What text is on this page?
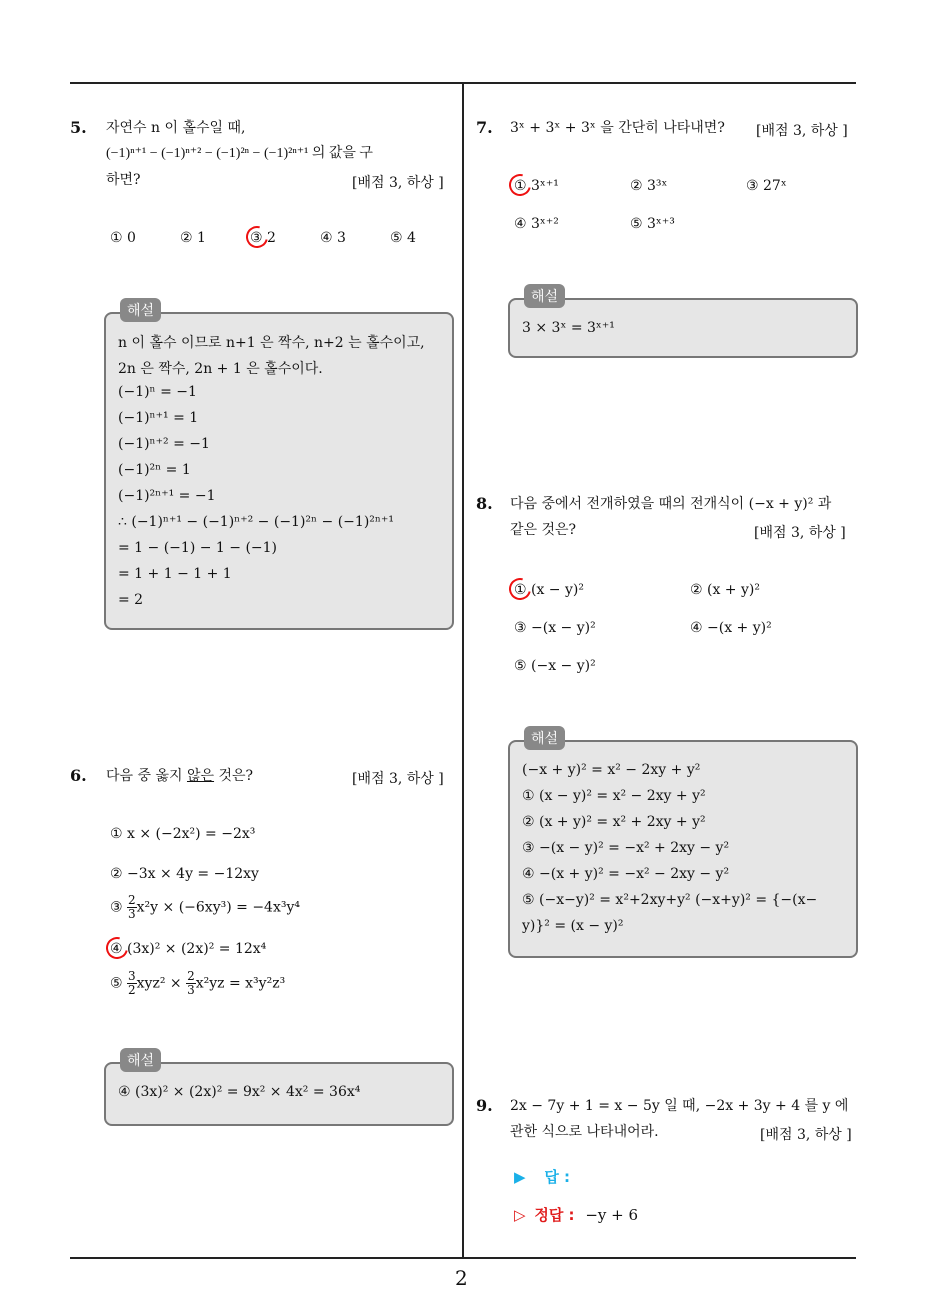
2
5. 자연수 n 이 홀수일 때,
(−1)ⁿ⁺¹ − (−1)ⁿ⁺² − (−1)²ⁿ − (−1)²ⁿ⁺¹ 의 값을 구
하면?	[배점 3, 하상 ]
① 0	② 1	③ 2	④ 3	⑤ 4
해설
n 이 홀수 이므로 n+1 은 짝수, n+2 는 홀수이고,
2n 은 짝수, 2n + 1 은 홀수이다.
(−1)ⁿ = −1
(−1)ⁿ⁺¹ = 1
(−1)ⁿ⁺² = −1
(−1)²ⁿ = 1
(−1)²ⁿ⁺¹ = −1
∴ (−1)ⁿ⁺¹ − (−1)ⁿ⁺² − (−1)²ⁿ − (−1)²ⁿ⁺¹
= 1 − (−1) − 1 − (−1)
= 1 + 1 − 1 + 1
= 2
6. 다음 중 옳지 않은 것은?	[배점 3, 하상 ]
① x × (−2x²) = −2x³
② −3x × 4y = −12xy
③ $\frac{2}{3} x^2y \times (-6xy^3) = -4x^3y^4$
④ (3x)² × (2x)² = 12x⁴
⑤ $\frac{3}{2} xyz^2 \times \frac{2}{3} x^2yz = x^3y^2z^3$
해설
④ (3x)² × (2x)² = 9x² × 4x² = 36x⁴
7. 3ˣ + 3ˣ + 3ˣ 을 간단히 나타내면? [배점 3, 하상 ]
① 3ˣ⁺¹	② 3³ˣ	③ 27ˣ
④ 3ˣ⁺²	⑤ 3ˣ⁺³
해설
3 × 3ˣ = 3ˣ⁺¹
8. 다음 중에서 전개하였을 때의 전개식이 (−x + y)² 과
같은 것은?	[배점 3, 하상 ]
① (x − y)²	② (x + y)²
③ −(x − y)²	④ −(x + y)²
⑤ (−x − y)²
해설
(−x + y)² = x² − 2xy + y²
① (x − y)² = x² − 2xy + y²
② (x + y)² = x² + 2xy + y²
③ −(x − y)² = −x² + 2xy − y²
④ −(x + y)² = −x² − 2xy − y²
⑤ (−x−y)² = x²+2xy+y² (−x+y)² = {−(x−
y)}² = (x − y)²
9. 2x − 7y + 1 = x − 5y 일 때, −2x + 3y + 4 를 y 에
관한 식으로 나타내어라.	[배점 3, 하상 ]
▶ 답 :
▷ 정답 : −y + 6
